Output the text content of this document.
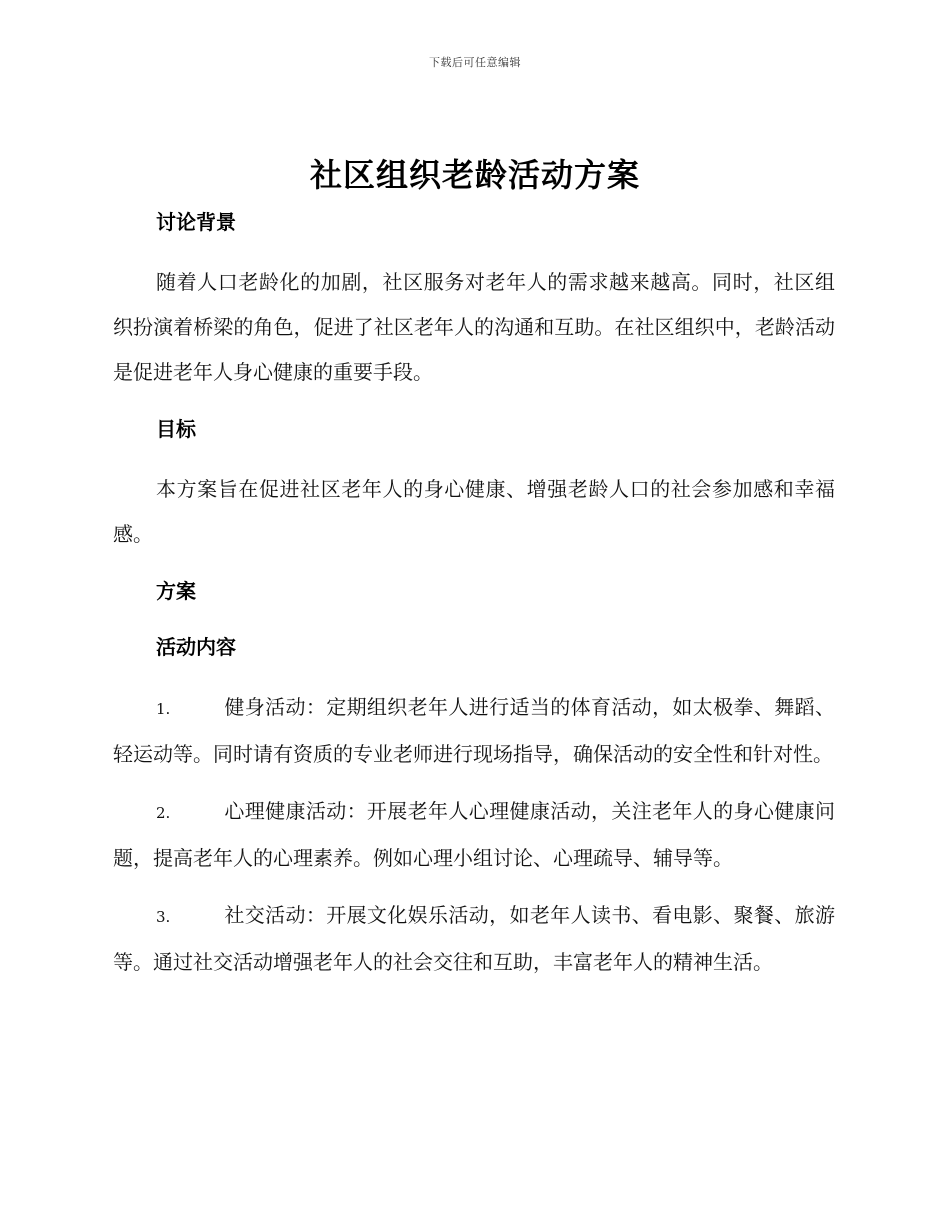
下载后可任意编辑
社区组织老龄活动方案
讨论背景

随着人口老龄化的加剧，社区服务对老年人的需求越来越高。同时，社区组织扮演着桥梁的角色，促进了社区老年人的沟通和互助。在社区组织中，老龄活动是促进老年人身心健康的重要手段。

目标

本方案旨在促进社区老年人的身心健康、增强老龄人口的社会参加感和幸福感。

方案
活动内容

1.	健身活动：定期组织老年人进行适当的体育活动，如太极拳、舞蹈、轻运动等。同时请有资质的专业老师进行现场指导，确保活动的安全性和针对性。

2.	心理健康活动：开展老年人心理健康活动，关注老年人的身心健康问题，提高老年人的心理素养。例如心理小组讨论、心理疏导、辅导等。

3.	社交活动：开展文化娱乐活动，如老年人读书、看电影、聚餐、旅游等。通过社交活动增强老年人的社会交往和互助，丰富老年人的精神生活。
